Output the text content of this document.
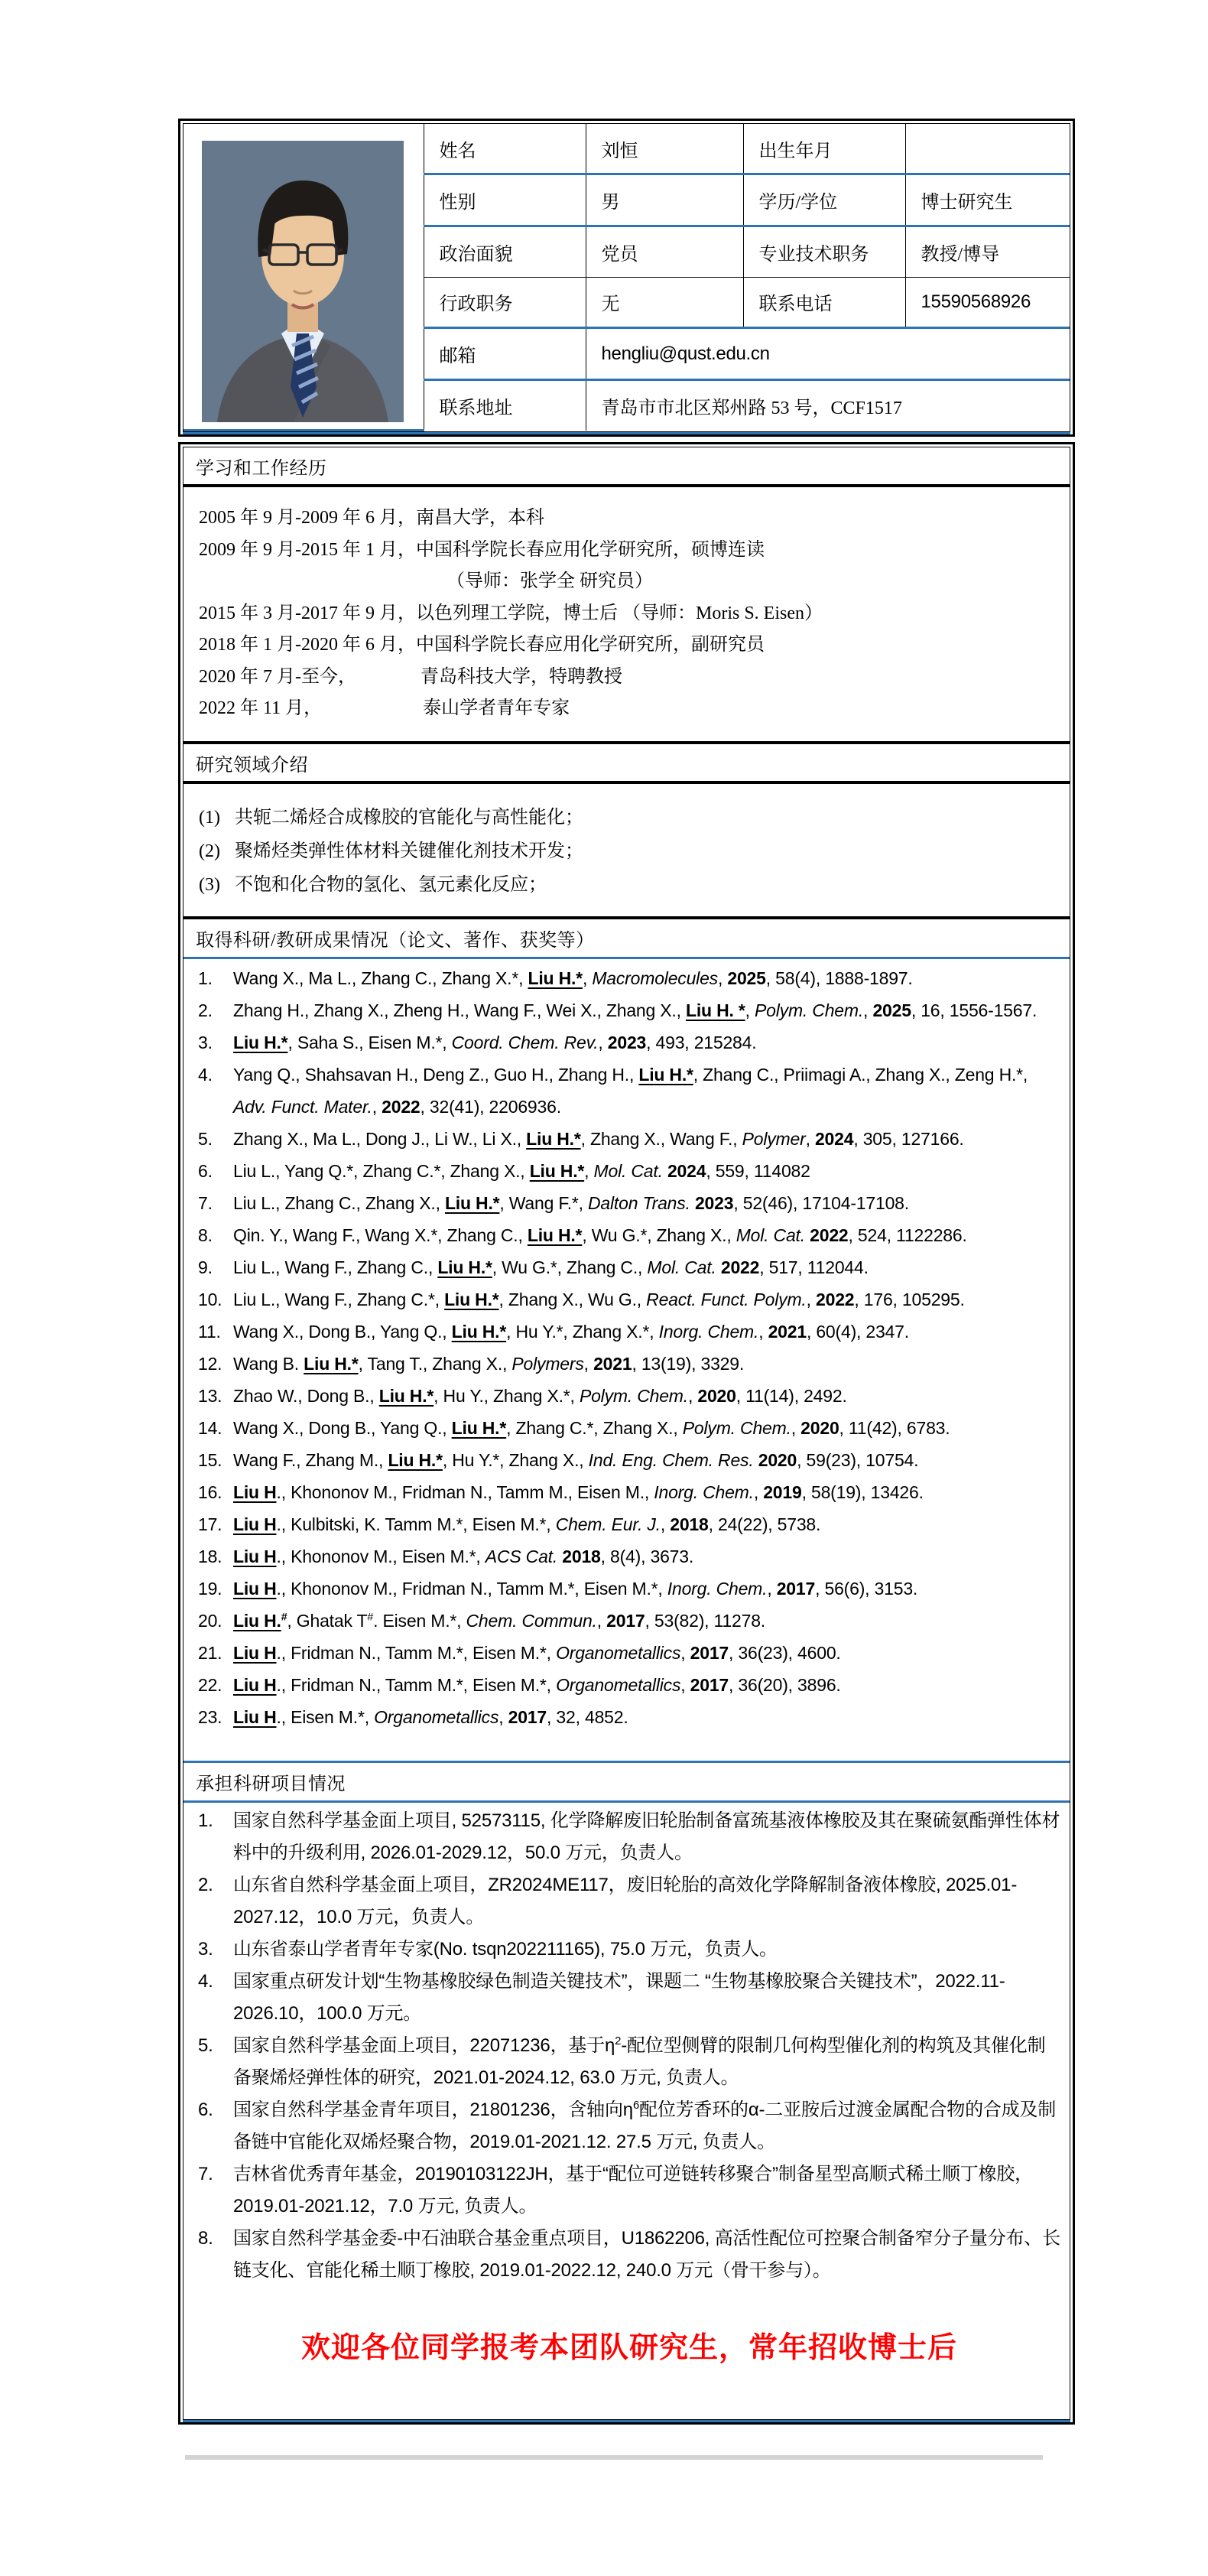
	姓名	刘恒	出生年月	
	性别	男	学历/学位	博士研究生
	政治面貌	党员	专业技术职务	教授/博导
	行政职务	无	联系电话	15590568926
	邮箱	hengliu@qust.edu.cn		
	联系地址	青岛市市北区郑州路 53 号，CCF1517		
学习和工作经历
2005 年 9 月-2009 年 6 月，南昌大学，本科
2009 年 9 月-2015 年 1 月，中国科学院长春应用化学研究所，硕博连读
　　　　　　　　　　　　　　（导师：张学全 研究员）
2015 年 3 月-2017 年 9 月，以色列理工学院，博士后 （导师：Moris S. Eisen）
2018 年 1 月-2020 年 6 月，中国科学院长春应用化学研究所，副研究员
2020 年 7 月-至今，　　　　青岛科技大学，特聘教授
2022 年 11 月，　　　　　　泰山学者青年专家
研究领域介绍
(1) 共轭二烯烃合成橡胶的官能化与高性能化；
(2) 聚烯烃类弹性体材料关键催化剂技术开发；
(3) 不饱和化合物的氢化、氢元素化反应；
取得科研/教研成果情况（论文、著作、获奖等）
1.	Wang X., Ma L., Zhang C., Zhang X.*, Liu H.*, Macromolecules, 2025, 58(4), 1888-1897.
2.	Zhang H., Zhang X., Zheng H., Wang F., Wei X., Zhang X., Liu H. *, Polym. Chem., 2025, 16, 1556-1567.
3.	Liu H.*, Saha S., Eisen M.*, Coord. Chem. Rev., 2023, 493, 215284.
4.	Yang Q., Shahsavan H., Deng Z., Guo H., Zhang H., Liu H.*, Zhang C., Priimagi A., Zhang X., Zeng H.*, Adv. Funct. Mater., 2022, 32(41), 2206936.
5.	Zhang X., Ma L., Dong J., Li W., Li X., Liu H.*, Zhang X., Wang F., Polymer, 2024, 305, 127166.
6.	Liu L., Yang Q.*, Zhang C.*, Zhang X., Liu H.*, Mol. Cat. 2024, 559, 114082
7.	Liu L., Zhang C., Zhang X., Liu H.*, Wang F.*, Dalton Trans. 2023, 52(46), 17104-17108.
8.	Qin. Y., Wang F., Wang X.*, Zhang C., Liu H.*, Wu G.*, Zhang X., Mol. Cat. 2022, 524, 1122286.
9.	Liu L., Wang F., Zhang C., Liu H.*, Wu G.*, Zhang C., Mol. Cat. 2022, 517, 112044.
10. Liu L., Wang F., Zhang C.*, Liu H.*, Zhang X., Wu G., React. Funct. Polym., 2022, 176, 105295.
11. Wang X., Dong B., Yang Q., Liu H.*, Hu Y.*, Zhang X.*, Inorg. Chem., 2021, 60(4), 2347.
12. Wang B. Liu H.*, Tang T., Zhang X., Polymers, 2021, 13(19), 3329.
13. Zhao W., Dong B., Liu H.*, Hu Y., Zhang X.*, Polym. Chem., 2020, 11(14), 2492.
14. Wang X., Dong B., Yang Q., Liu H.*, Zhang C.*, Zhang X., Polym. Chem., 2020, 11(42), 6783.
15. Wang F., Zhang M., Liu H.*, Hu Y.*, Zhang X., Ind. Eng. Chem. Res. 2020, 59(23), 10754.
16. Liu H., Khononov M., Fridman N., Tamm M., Eisen M., Inorg. Chem., 2019, 58(19), 13426.
17. Liu H., Kulbitski, K. Tamm M.*, Eisen M.*, Chem. Eur. J., 2018, 24(22), 5738.
18. Liu H., Khononov M., Eisen M.*, ACS Cat. 2018, 8(4), 3673.
19. Liu H., Khononov M., Fridman N., Tamm M.*, Eisen M.*, Inorg. Chem., 2017, 56(6), 3153.
20. Liu H.#, Ghatak T#. Eisen M.*, Chem. Commun., 2017, 53(82), 11278.
21. Liu H., Fridman N., Tamm M.*, Eisen M.*, Organometallics, 2017, 36(23), 4600.
22. Liu H., Fridman N., Tamm M.*, Eisen M.*, Organometallics, 2017, 36(20), 3896.
23. Liu H., Eisen M.*, Organometallics, 2017, 32, 4852.
承担科研项目情况
1.	国家自然科学基金面上项目, 52573115, 化学降解废旧轮胎制备富巯基液体橡胶及其在聚硫氨酯弹性体材料中的升级利用, 2026.01-2029.12，50.0 万元，负责人。
2.	山东省自然科学基金面上项目，ZR2024ME117，废旧轮胎的高效化学降解制备液体橡胶, 2025.01-2027.12，10.0 万元，负责人。
3.	山东省泰山学者青年专家(No. tsqn202211165), 75.0 万元，负责人。
4.	国家重点研发计划“生物基橡胶绿色制造关键技术”，课题二 “生物基橡胶聚合关键技术”，2022.11-2026.10，100.0 万元。
5.	国家自然科学基金面上项目，22071236，基于$\eta^2-$配位型侧臂的限制几何构型催化剂的构筑及其催化制备聚烯烃弹性体的研究，2021.01-2024.12, 63.0 万元, 负责人。
6.	国家自然科学基金青年项目，21801236，含轴向$\eta^6$配位芳香环的α-二亚胺后过渡金属配合物的合成及制备链中官能化双烯烃聚合物，2019.01-2021.12. 27.5 万元, 负责人。
7.	吉林省优秀青年基金，20190103122JH，基于“配位可逆链转移聚合”制备星型高顺式稀土顺丁橡胶，2019.01-2021.12，7.0 万元, 负责人。
8.	国家自然科学基金委-中石油联合基金重点项目，U1862206, 高活性配位可控聚合制备窄分子量分布、长链支化、官能化稀土顺丁橡胶, 2019.01-2022.12, 240.0 万元（骨干参与）。
欢迎各位同学报考本团队研究生，常年招收博士后
